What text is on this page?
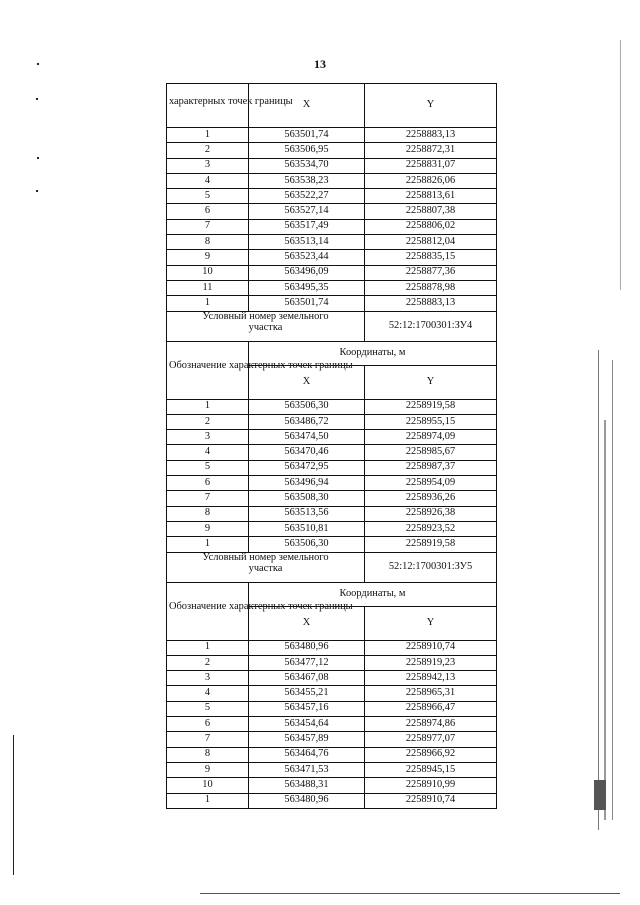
13
характерных точек границы	X	Y
1	563501,74	2258883,13
2	563506,95	2258872,31
3	563534,70	2258831,07
4	563538,23	2258826,06
5	563522,27	2258813,61
6	563527,14	2258807,38
7	563517,49	2258806,02
8	563513,14	2258812,04
9	563523,44	2258835,15
10	563496,09	2258877,36
11	563495,35	2258878,98
1	563501,74	2258883,13

Условный номер земельного участка		52:12:1700301:ЗУ4

Обозначение характерных точек границы	Координаты, м	
	X	Y
1	563506,30	2258919,58
2	563486,72	2258955,15
3	563474,50	2258974,09
4	563470,46	2258985,67
5	563472,95	2258987,37
6	563496,94	2258954,09
7	563508,30	2258936,26
8	563513,56	2258926,38
9	563510,81	2258923,52
1	563506,30	2258919,58

Условный номер земельного участка		52:12:1700301:ЗУ5

Обозначение характерных точек границы	Координаты, м	
	X	Y
1	563480,96	2258910,74
2	563477,12	2258919,23
3	563467,08	2258942,13
4	563455,21	2258965,31
5	563457,16	2258966,47
6	563454,64	2258974,86
7	563457,89	2258977,07
8	563464,76	2258966,92
9	563471,53	2258945,15
10	563488,31	2258910,99
1	563480,96	2258910,74
